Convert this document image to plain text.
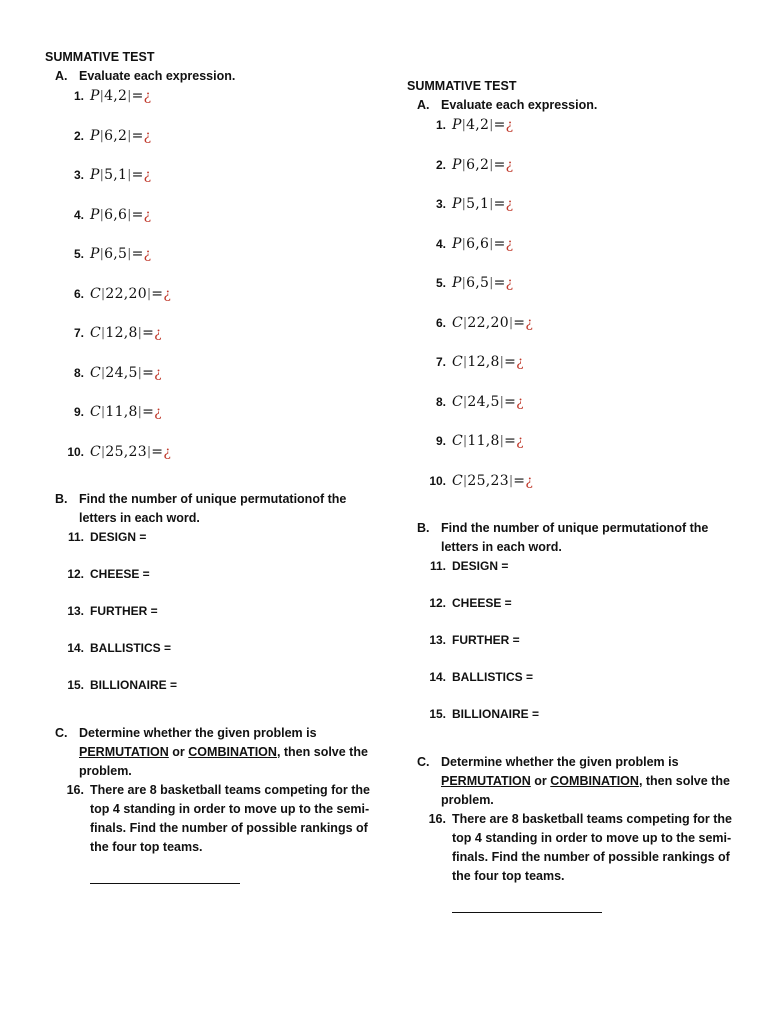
SUMMATIVE TEST
A. Evaluate each expression.
1. P|4,2|=¿
2. P|6,2|=¿
3. P|5,1|=¿
4. P|6,6|=¿
5. P|6,5|=¿
6. C|22,20|=¿
7. C|12,8|=¿
8. C|24,5|=¿
9. C|11,8|=¿
10. C|25,23|=¿
B. Find the number of unique permutationof the letters in each word.
11. DESIGN =
12. CHEESE =
13. FURTHER =
14. BALLISTICS =
15. BILLIONAIRE =
C. Determine whether the given problem is PERMUTATION or COMBINATION, then solve the problem.
16. There are 8 basketball teams competing for the top 4 standing in order to move up to the semi-finals. Find the number of possible rankings of the four top teams.
SUMMATIVE TEST
A. Evaluate each expression.
1. P|4,2|=¿
2. P|6,2|=¿
3. P|5,1|=¿
4. P|6,6|=¿
5. P|6,5|=¿
6. C|22,20|=¿
7. C|12,8|=¿
8. C|24,5|=¿
9. C|11,8|=¿
10. C|25,23|=¿
B. Find the number of unique permutationof the letters in each word.
11. DESIGN =
12. CHEESE =
13. FURTHER =
14. BALLISTICS =
15. BILLIONAIRE =
C. Determine whether the given problem is PERMUTATION or COMBINATION, then solve the problem.
16. There are 8 basketball teams competing for the top 4 standing in order to move up to the semi-finals. Find the number of possible rankings of the four top teams.
